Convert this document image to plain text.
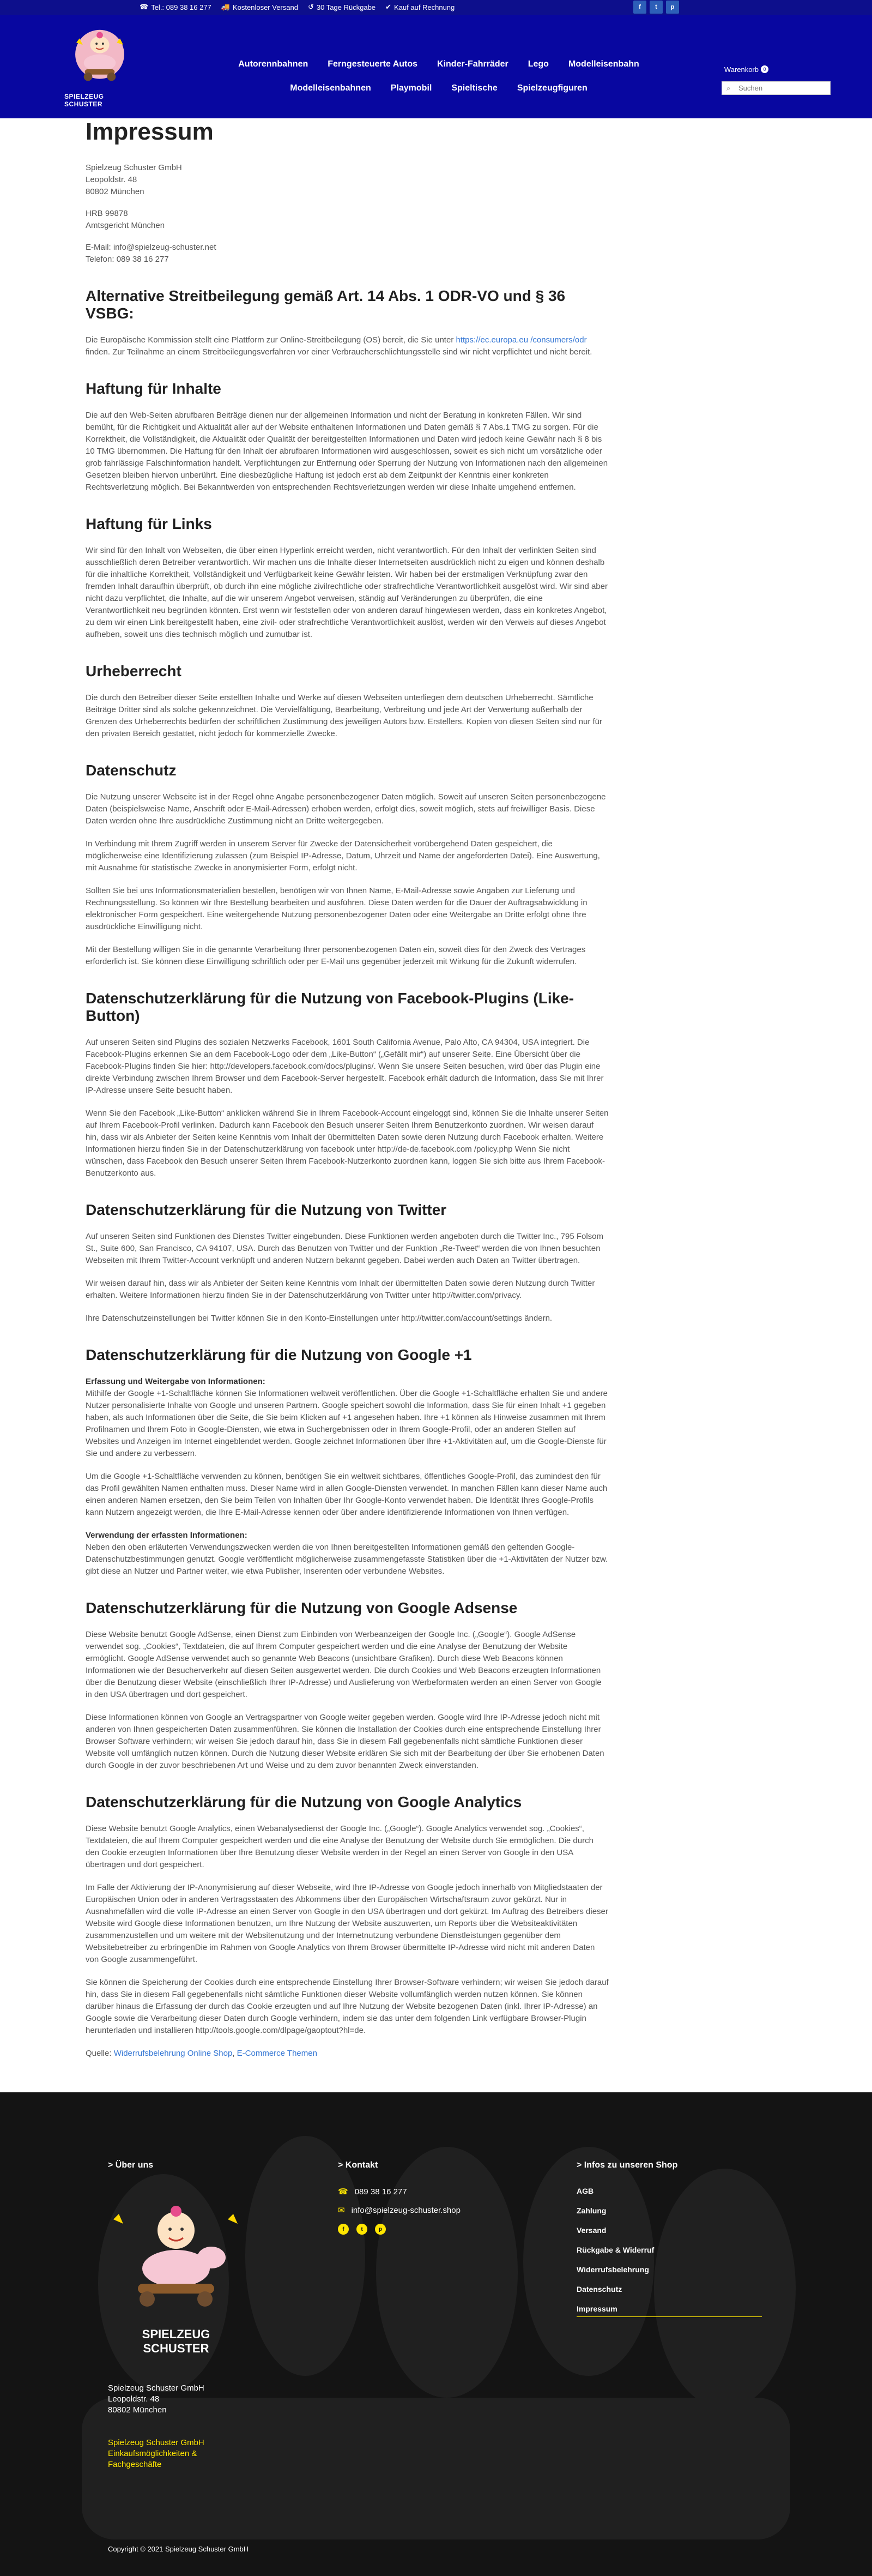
☎ Tel.: 089 38 16 277 🚚 Kostenloser Versand ↺ 30 Tage Rückgabe ✔ Kauf auf Rechnung	f	t	p
SPIELZEUG SCHUSTER
Autorennbahnen Ferngesteuerte Autos Kinder-Fahrräder Lego Modelleisenbahn
Modelleisenbahnen Playmobil Spieltische Spielzeugfiguren
Warenkorb 0
⌕
Suchen
Impressum

Spielzeug Schuster GmbH

Leopoldstr. 48

80802 München

HRB 99878

Amtsgericht München

E-Mail: info@spielzeug-schuster.net

Telefon: 089 38 16 277

Alternative Streitbeilegung gemäß Art. 14 Abs. 1 ODR-VO und § 36 VSBG:

Die Europäische Kommission stellt eine Plattform zur Online-Streitbeilegung (OS) bereit, die Sie unter https://ec.europa.eu /consumers/odr finden. Zur Teilnahme an einem Streitbeilegungsverfahren vor einer Verbraucherschlichtungsstelle sind wir nicht verpflichtet und nicht bereit.

Haftung für Inhalte

Die auf den Web-Seiten abrufbaren Beiträge dienen nur der allgemeinen Information und nicht der Beratung in konkreten Fällen. Wir sind bemüht, für die Richtigkeit und Aktualität aller auf der Website enthaltenen Informationen und Daten gemäß § 7 Abs.1 TMG zu sorgen. Für die Korrektheit, die Vollständigkeit, die Aktualität oder Qualität der bereitgestellten Informationen und Daten wird jedoch keine Gewähr nach § 8 bis 10 TMG übernommen. Die Haftung für den Inhalt der abrufbaren Informationen wird ausgeschlossen, soweit es sich nicht um vorsätzliche oder grob fahrlässige Falschinformation handelt. Verpflichtungen zur Entfernung oder Sperrung der Nutzung von Informationen nach den allgemeinen Gesetzen bleiben hiervon unberührt. Eine diesbezügliche Haftung ist jedoch erst ab dem Zeitpunkt der Kenntnis einer konkreten Rechtsverletzung möglich. Bei Bekanntwerden von entsprechenden Rechtsverletzungen werden wir diese Inhalte umgehend entfernen.

Haftung für Links

Wir sind für den Inhalt von Webseiten, die über einen Hyperlink erreicht werden, nicht verantwortlich. Für den Inhalt der verlinkten Seiten sind ausschließlich deren Betreiber verantwortlich. Wir machen uns die Inhalte dieser Internetseiten ausdrücklich nicht zu eigen und können deshalb für die inhaltliche Korrektheit, Vollständigkeit und Verfügbarkeit keine Gewähr leisten. Wir haben bei der erstmaligen Verknüpfung zwar den fremden Inhalt daraufhin überprüft, ob durch ihn eine mögliche zivilrechtliche oder strafrechtliche Verantwortlichkeit ausgelöst wird. Wir sind aber nicht dazu verpflichtet, die Inhalte, auf die wir unserem Angebot verweisen, ständig auf Veränderungen zu überprüfen, die eine Verantwortlichkeit neu begründen könnten. Erst wenn wir feststellen oder von anderen darauf hingewiesen werden, dass ein konkretes Angebot, zu dem wir einen Link bereitgestellt haben, eine zivil- oder strafrechtliche Verantwortlichkeit auslöst, werden wir den Verweis auf dieses Angebot aufheben, soweit uns dies technisch möglich und zumutbar ist.

Urheberrecht

Die durch den Betreiber dieser Seite erstellten Inhalte und Werke auf diesen Webseiten unterliegen dem deutschen Urheberrecht. Sämtliche Beiträge Dritter sind als solche gekennzeichnet. Die Vervielfältigung, Bearbeitung, Verbreitung und jede Art der Verwertung außerhalb der Grenzen des Urheberrechts bedürfen der schriftlichen Zustimmung des jeweiligen Autors bzw. Erstellers. Kopien von diesen Seiten sind nur für den privaten Bereich gestattet, nicht jedoch für kommerzielle Zwecke.

Datenschutz

Die Nutzung unserer Webseite ist in der Regel ohne Angabe personenbezogener Daten möglich. Soweit auf unseren Seiten personenbezogene Daten (beispielsweise Name, Anschrift oder E-Mail-Adressen) erhoben werden, erfolgt dies, soweit möglich, stets auf freiwilliger Basis. Diese Daten werden ohne Ihre ausdrückliche Zustimmung nicht an Dritte weitergegeben.

In Verbindung mit Ihrem Zugriff werden in unserem Server für Zwecke der Datensicherheit vorübergehend Daten gespeichert, die möglicherweise eine Identifizierung zulassen (zum Beispiel IP-Adresse, Datum, Uhrzeit und Name der angeforderten Datei). Eine Auswertung, mit Ausnahme für statistische Zwecke in anonymisierter Form, erfolgt nicht.

Sollten Sie bei uns Informationsmaterialien bestellen, benötigen wir von Ihnen Name, E-Mail-Adresse sowie Angaben zur Lieferung und Rechnungsstellung. So können wir Ihre Bestellung bearbeiten und ausführen. Diese Daten werden für die Dauer der Auftragsabwicklung in elektronischer Form gespeichert. Eine weitergehende Nutzung personenbezogener Daten oder eine Weitergabe an Dritte erfolgt ohne Ihre ausdrückliche Einwilligung nicht.

Mit der Bestellung willigen Sie in die genannte Verarbeitung Ihrer personenbezogenen Daten ein, soweit dies für den Zweck des Vertrages erforderlich ist. Sie können diese Einwilligung schriftlich oder per E-Mail uns gegenüber jederzeit mit Wirkung für die Zukunft widerrufen.

Datenschutzerklärung für die Nutzung von Facebook-Plugins (Like-Button)

Auf unseren Seiten sind Plugins des sozialen Netzwerks Facebook, 1601 South California Avenue, Palo Alto, CA 94304, USA integriert. Die Facebook-Plugins erkennen Sie an dem Facebook-Logo oder dem „Like-Button“ („Gefällt mir“) auf unserer Seite. Eine Übersicht über die Facebook-Plugins finden Sie hier: http://developers.facebook.com/docs/plugins/. Wenn Sie unsere Seiten besuchen, wird über das Plugin eine direkte Verbindung zwischen Ihrem Browser und dem Facebook-Server hergestellt. Facebook erhält dadurch die Information, dass Sie mit Ihrer IP-Adresse unsere Seite besucht haben.

Wenn Sie den Facebook „Like-Button“ anklicken während Sie in Ihrem Facebook-Account eingeloggt sind, können Sie die Inhalte unserer Seiten auf Ihrem Facebook-Profil verlinken. Dadurch kann Facebook den Besuch unserer Seiten Ihrem Benutzerkonto zuordnen. Wir weisen darauf hin, dass wir als Anbieter der Seiten keine Kenntnis vom Inhalt der übermittelten Daten sowie deren Nutzung durch Facebook erhalten. Weitere Informationen hierzu finden Sie in der Datenschutzerklärung von facebook unter http://de-de.facebook.com /policy.php Wenn Sie nicht wünschen, dass Facebook den Besuch unserer Seiten Ihrem Facebook-Nutzerkonto zuordnen kann, loggen Sie sich bitte aus Ihrem Facebook-Benutzerkonto aus.

Datenschutzerklärung für die Nutzung von Twitter

Auf unseren Seiten sind Funktionen des Dienstes Twitter eingebunden. Diese Funktionen werden angeboten durch die Twitter Inc., 795 Folsom St., Suite 600, San Francisco, CA 94107, USA. Durch das Benutzen von Twitter und der Funktion „Re-Tweet“ werden die von Ihnen besuchten Webseiten mit Ihrem Twitter-Account verknüpft und anderen Nutzern bekannt gegeben. Dabei werden auch Daten an Twitter übertragen.

Wir weisen darauf hin, dass wir als Anbieter der Seiten keine Kenntnis vom Inhalt der übermittelten Daten sowie deren Nutzung durch Twitter erhalten. Weitere Informationen hierzu finden Sie in der Datenschutzerklärung von Twitter unter http://twitter.com/privacy.

Ihre Datenschutzeinstellungen bei Twitter können Sie in den Konto-Einstellungen unter http://twitter.com/account/settings ändern.

Datenschutzerklärung für die Nutzung von Google +1

Erfassung und Weitergabe von Informationen:
Mithilfe der Google +1-Schaltfläche können Sie Informationen weltweit veröffentlichen. Über die Google +1-Schaltfläche erhalten Sie und andere Nutzer personalisierte Inhalte von Google und unseren Partnern. Google speichert sowohl die Information, dass Sie für einen Inhalt +1 gegeben haben, als auch Informationen über die Seite, die Sie beim Klicken auf +1 angesehen haben. Ihre +1 können als Hinweise zusammen mit Ihrem Profilnamen und Ihrem Foto in Google-Diensten, wie etwa in Suchergebnissen oder in Ihrem Google-Profil, oder an anderen Stellen auf Websites und Anzeigen im Internet eingeblendet werden. Google zeichnet Informationen über Ihre +1-Aktivitäten auf, um die Google-Dienste für Sie und andere zu verbessern.

Um die Google +1-Schaltfläche verwenden zu können, benötigen Sie ein weltweit sichtbares, öffentliches Google-Profil, das zumindest den für das Profil gewählten Namen enthalten muss. Dieser Name wird in allen Google-Diensten verwendet. In manchen Fällen kann dieser Name auch einen anderen Namen ersetzen, den Sie beim Teilen von Inhalten über Ihr Google-Konto verwendet haben. Die Identität Ihres Google-Profils kann Nutzern angezeigt werden, die Ihre E-Mail-Adresse kennen oder über andere identifizierende Informationen von Ihnen verfügen.

Verwendung der erfassten Informationen:
Neben den oben erläuterten Verwendungszwecken werden die von Ihnen bereitgestellten Informationen gemäß den geltenden Google-Datenschutzbestimmungen genutzt. Google veröffentlicht möglicherweise zusammengefasste Statistiken über die +1-Aktivitäten der Nutzer bzw. gibt diese an Nutzer und Partner weiter, wie etwa Publisher, Inserenten oder verbundene Websites.

Datenschutzerklärung für die Nutzung von Google Adsense

Diese Website benutzt Google AdSense, einen Dienst zum Einbinden von Werbeanzeigen der Google Inc. („Google“). Google AdSense verwendet sog. „Cookies“, Textdateien, die auf Ihrem Computer gespeichert werden und die eine Analyse der Benutzung der Website ermöglicht. Google AdSense verwendet auch so genannte Web Beacons (unsichtbare Grafiken). Durch diese Web Beacons können Informationen wie der Besucherverkehr auf diesen Seiten ausgewertet werden. Die durch Cookies und Web Beacons erzeugten Informationen über die Benutzung dieser Website (einschließlich Ihrer IP-Adresse) und Auslieferung von Werbeformaten werden an einen Server von Google in den USA übertragen und dort gespeichert.

Diese Informationen können von Google an Vertragspartner von Google weiter gegeben werden. Google wird Ihre IP-Adresse jedoch nicht mit anderen von Ihnen gespeicherten Daten zusammenführen. Sie können die Installation der Cookies durch eine entsprechende Einstellung Ihrer Browser Software verhindern; wir weisen Sie jedoch darauf hin, dass Sie in diesem Fall gegebenenfalls nicht sämtliche Funktionen dieser Website voll umfänglich nutzen können. Durch die Nutzung dieser Website erklären Sie sich mit der Bearbeitung der über Sie erhobenen Daten durch Google in der zuvor beschriebenen Art und Weise und zu dem zuvor benannten Zweck einverstanden.

Datenschutzerklärung für die Nutzung von Google Analytics

Diese Website benutzt Google Analytics, einen Webanalysedienst der Google Inc. („Google“). Google Analytics verwendet sog. „Cookies“, Textdateien, die auf Ihrem Computer gespeichert werden und die eine Analyse der Benutzung der Website durch Sie ermöglichen. Die durch den Cookie erzeugten Informationen über Ihre Benutzung dieser Website werden in der Regel an einen Server von Google in den USA übertragen und dort gespeichert.

Im Falle der Aktivierung der IP-Anonymisierung auf dieser Webseite, wird Ihre IP-Adresse von Google jedoch innerhalb von Mitgliedstaaten der Europäischen Union oder in anderen Vertragsstaaten des Abkommens über den Europäischen Wirtschaftsraum zuvor gekürzt. Nur in Ausnahmefällen wird die volle IP-Adresse an einen Server von Google in den USA übertragen und dort gekürzt. Im Auftrag des Betreibers dieser Website wird Google diese Informationen benutzen, um Ihre Nutzung der Website auszuwerten, um Reports über die Websiteaktivitäten zusammenzustellen und um weitere mit der Websitenutzung und der Internetnutzung verbundene Dienstleistungen gegenüber dem Websitebetreiber zu erbringenDie im Rahmen von Google Analytics von Ihrem Browser übermittelte IP-Adresse wird nicht mit anderen Daten von Google zusammengeführt.

Sie können die Speicherung der Cookies durch eine entsprechende Einstellung Ihrer Browser-Software verhindern; wir weisen Sie jedoch darauf hin, dass Sie in diesem Fall gegebenenfalls nicht sämtliche Funktionen dieser Website vollumfänglich werden nutzen können. Sie können darüber hinaus die Erfassung der durch das Cookie erzeugten und auf Ihre Nutzung der Website bezogenen Daten (inkl. Ihrer IP-Adresse) an Google sowie die Verarbeitung dieser Daten durch Google verhindern, indem sie das unter dem folgenden Link verfügbare Browser-Plugin herunterladen und installieren http://tools.google.com/dlpage/gaoptout?hl=de.

Quelle: Widerrufsbelehrung Online Shop, E-Commerce Themen

> Über uns
SPIELZEUG SCHUSTER
Spielzeug Schuster GmbH
Leopoldstr. 48
80802 München
Spielzeug Schuster GmbH Einkaufsmöglichkeiten & Fachgeschäfte
> Kontakt
☎ 089 38 16 277
✉ info@spielzeug-schuster.shop
f	t	p
> Infos zu unseren Shop
AGB
Zahlung
Versand
Rückgabe & Widerruf
Widerrufsbelehrung
Datenschutz
Impressum
Copyright © 2021 Spielzeug Schuster GmbH
